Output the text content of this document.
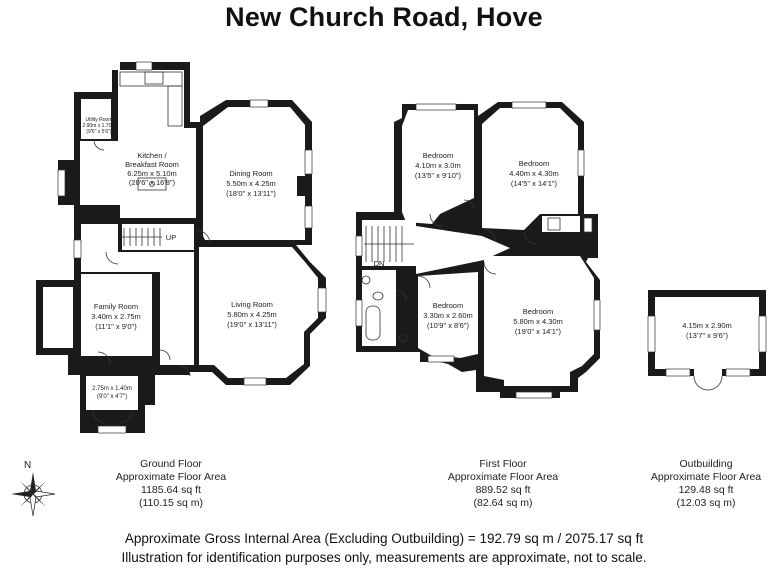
New Church Road, Hove
Utility Room
2.90m x 1.70m
(9'6" x 5'6")
Kitchen /
Breakfast Room
6.25m x 5.10m
(20'6" x 16'8")
Dining Room
5.50m x 4.25m
(18'0" x 13'11")
Family Room
3.40m x 2.75m
(11'1" x 9'0")
Living Room
5.80m x 4.25m
(19'0" x 13'11")
2.75m x 1.40m
(9'0" x 4'7")
Bedroom
4.10m x 3.0m
(13'5" x 9'10")
Bedroom
4.40m x 4.30m
(14'5" x 14'1")
Bedroom
3.30m x 2.60m
(10'9" x 8'6")
Bedroom
5.80m x 4.30m
(19'0" x 14'1")
4.15m x 2.90m
(13'7" x 9'6")
UP
DN
N	Ground Floor
Approximate Floor Area
1185.64 sq ft
(110.15 sq m)
First Floor
Approximate Floor Area
889.52 sq ft
(82.64 sq m)
Outbuilding
Approximate Floor Area
129.48 sq ft
(12.03 sq m)
Approximate Gross Internal Area (Excluding Outbuilding) = 192.79 sq m / 2075.17 sq ft
Illustration for identification purposes only, measurements are approximate, not to scale.
